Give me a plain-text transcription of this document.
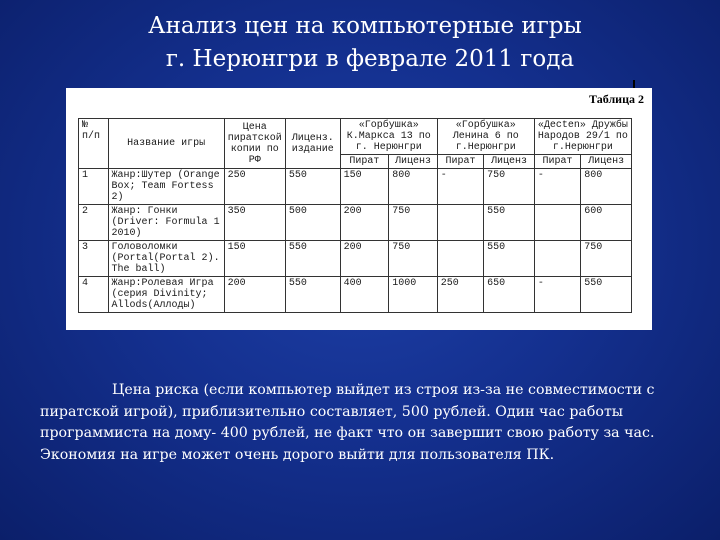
Анализ цен на компьютерные игры
г. Нерюнгри в феврале 2011 года
Таблица 2
№ п/п	Название игры	Цена пиратской копии по РФ	Лиценз. издание	«Горбушка» К.Маркса 13 по г. Нерюнгри		«Горбушка» Ленина 6 по г.Нерюнгри		«Десten» Дружбы Народов 29/1 по г.Нерюнгри	
				Пират	Лиценз	Пират	Лиценз	Пират	Лиценз
1	Жанр:Шутер (Orange Box; Team Fortess 2)	250	550	150	800	-	750	-	800
2	Жанр: Гонки (Driver: Formula 1 2010)	350	500	200	750		550		600
3	Головоломки (Portal(Portal 2). The ball)	150	550	200	750		550		750
4	Жанр:Ролевая Игра (серия Divinity; Allods(Аллоды)	200	550	400	1000	250	650	-	550
Цена риска (если компьютер выйдет из строя из-за не совместимости с пиратской игрой), приблизительно составляет, 500 рублей. Один час работы программиста на дому- 400 рублей, не факт что он завершит свою работу за час. Экономия на игре может очень дорого выйти для пользователя ПК.
